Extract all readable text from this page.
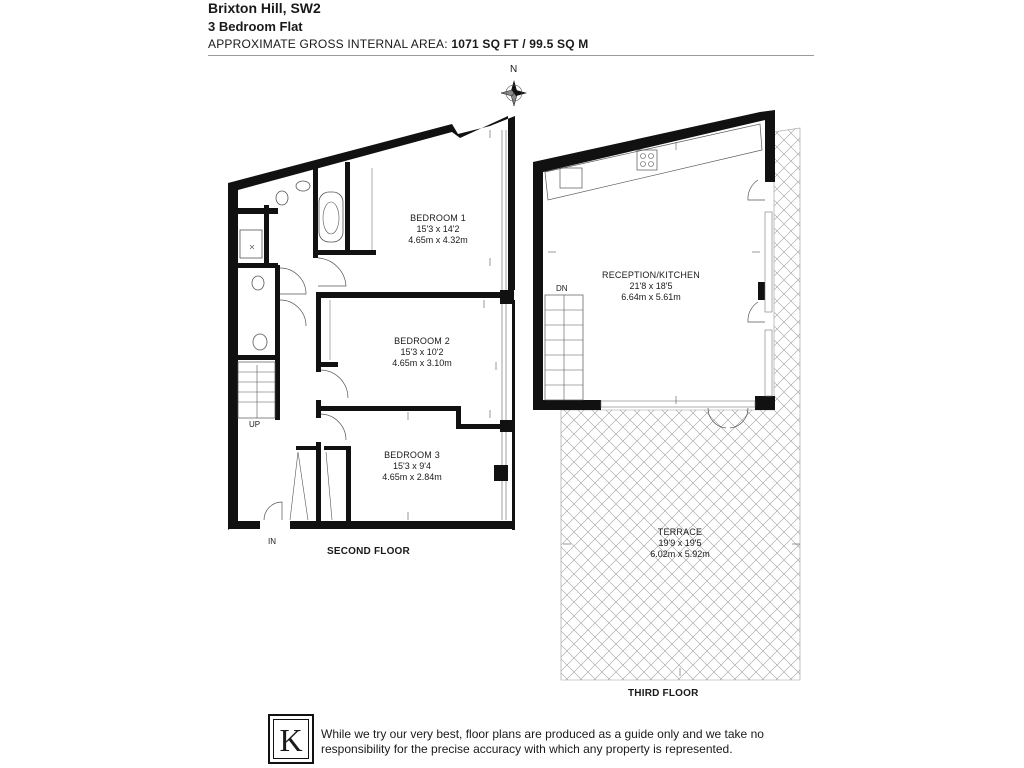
Brixton Hill, SW2
3 Bedroom Flat
APPROXIMATE GROSS INTERNAL AREA: 1071 SQ FT / 99.5 SQ M
BEDROOM 1
15'3 x 14'2
4.65m x 4.32m
BEDROOM 2
15'3 x 10'2
4.65m x 3.10m
BEDROOM 3
15'3 x 9'4
4.65m x 2.84m
UP
IN
SECOND FLOOR
RECEPTION/KITCHEN
21'8 x 18'5
6.64m x 5.61m
TERRACE
19'9 x 19'5
6.02m x 5.92m
DN
THIRD FLOOR
N
K	While we try our very best, floor plans are produced as a guide only and we take no
responsibility for the precise accuracy with which any property is represented.
